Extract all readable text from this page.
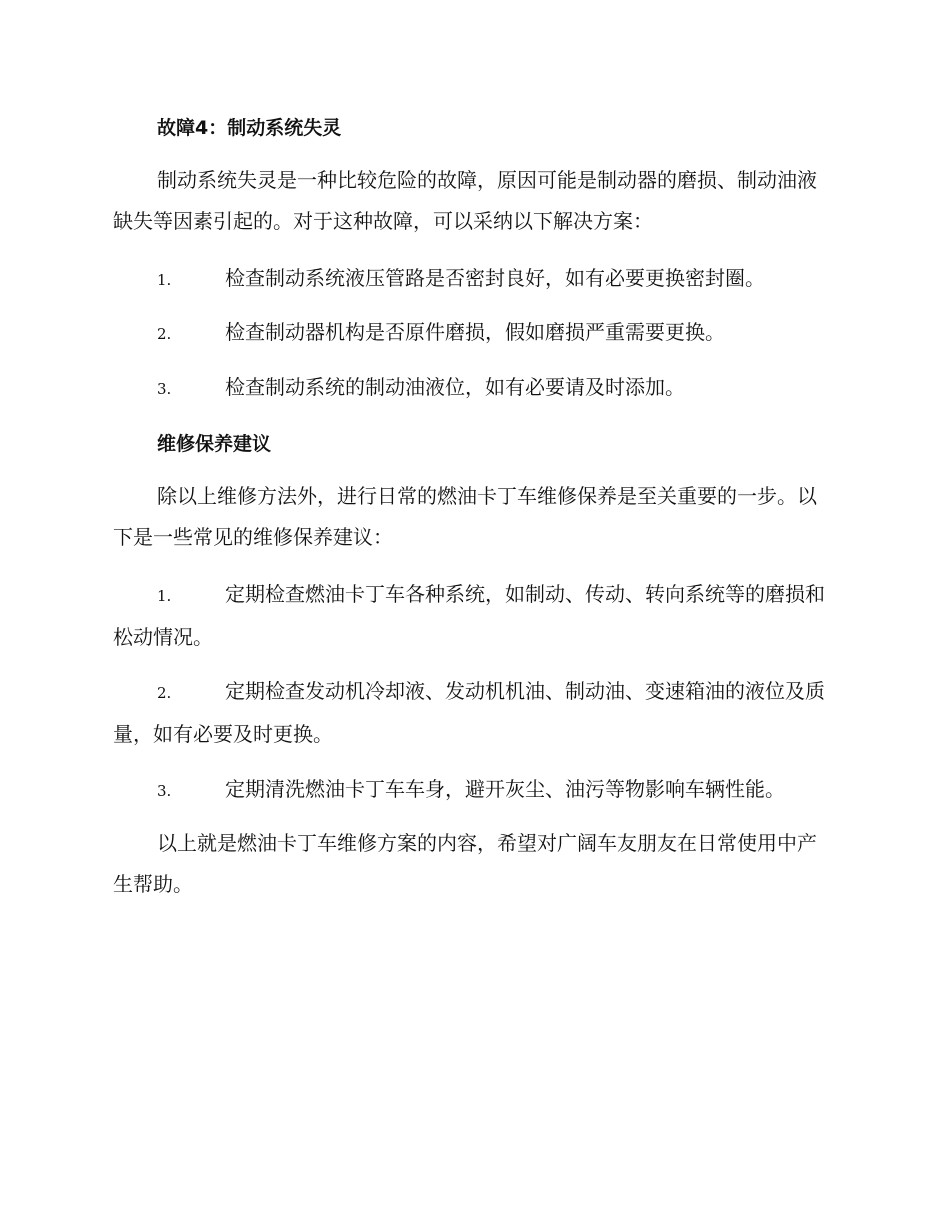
故障4：制动系统失灵

制动系统失灵是一种比较危险的故障，原因可能是制动器的磨损、制动油液缺失等因素引起的。对于这种故障，可以采纳以下解决方案：

1.	检查制动系统液压管路是否密封良好，如有必要更换密封圈。

2.	检查制动器机构是否原件磨损，假如磨损严重需要更换。

3.	检查制动系统的制动油液位，如有必要请及时添加。

维修保养建议

除以上维修方法外，进行日常的燃油卡丁车维修保养是至关重要的一步。以下是一些常见的维修保养建议：

1.	定期检查燃油卡丁车各种系统，如制动、传动、转向系统等的磨损和松动情况。

2.	定期检查发动机冷却液、发动机机油、制动油、变速箱油的液位及质量，如有必要及时更换。

3.	定期清洗燃油卡丁车车身，避开灰尘、油污等物影响车辆性能。

以上就是燃油卡丁车维修方案的内容，希望对广阔车友朋友在日常使用中产生帮助。
